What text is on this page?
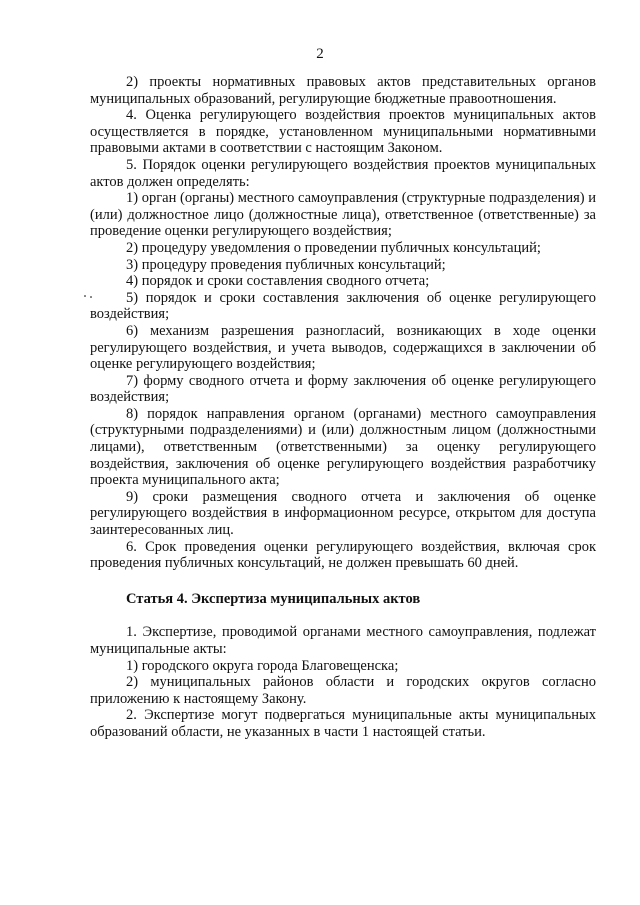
2

2) проекты нормативных правовых актов представительных органов муниципальных образований, регулирующие бюджетные правоотношения.

4. Оценка регулирующего воздействия проектов муниципальных актов осуществляется в порядке, установленном муниципальными нормативными правовыми актами в соответствии с настоящим Законом.

5. Порядок оценки регулирующего воздействия проектов муниципальных актов должен определять:

1) орган (органы) местного самоуправления (структурные подразделения) и (или) должностное лицо (должностные лица), ответственное (ответственные) за проведение оценки регулирующего воздействия;

2) процедуру уведомления о проведении публичных консультаций;

3) процедуру проведения публичных консультаций;

4) порядок и сроки составления сводного отчета;

5) порядок и сроки составления заключения об оценке регулирующего воздействия;

6) механизм разрешения разногласий, возникающих в ходе оценки регулирующего воздействия, и учета выводов, содержащихся в заключении об оценке регулирующего воздействия;

7) форму сводного отчета и форму заключения об оценке регулирующего воздействия;

8) порядок направления органом (органами) местного самоуправления (структурными подразделениями) и (или) должностным лицом (должностными лицами), ответственным (ответственными) за оценку регулирующего воздействия, заключения об оценке регулирующего воздействия разработчику проекта муниципального акта;

9) сроки размещения сводного отчета и заключения об оценке регулирующего воздействия в информационном ресурсе, открытом для доступа заинтересованных лиц.

6. Срок проведения оценки регулирующего воздействия, включая срок проведения публичных консультаций, не должен превышать 60 дней.

Статья 4. Экспертиза муниципальных актов

1. Экспертизе, проводимой органами местного самоуправления, подлежат муниципальные акты:

1) городского округа города Благовещенска;

2) муниципальных районов области и городских округов согласно приложению к настоящему Закону.

2. Экспертизе могут подвергаться муниципальные акты муниципальных образований области, не указанных в части 1 настоящей статьи.
